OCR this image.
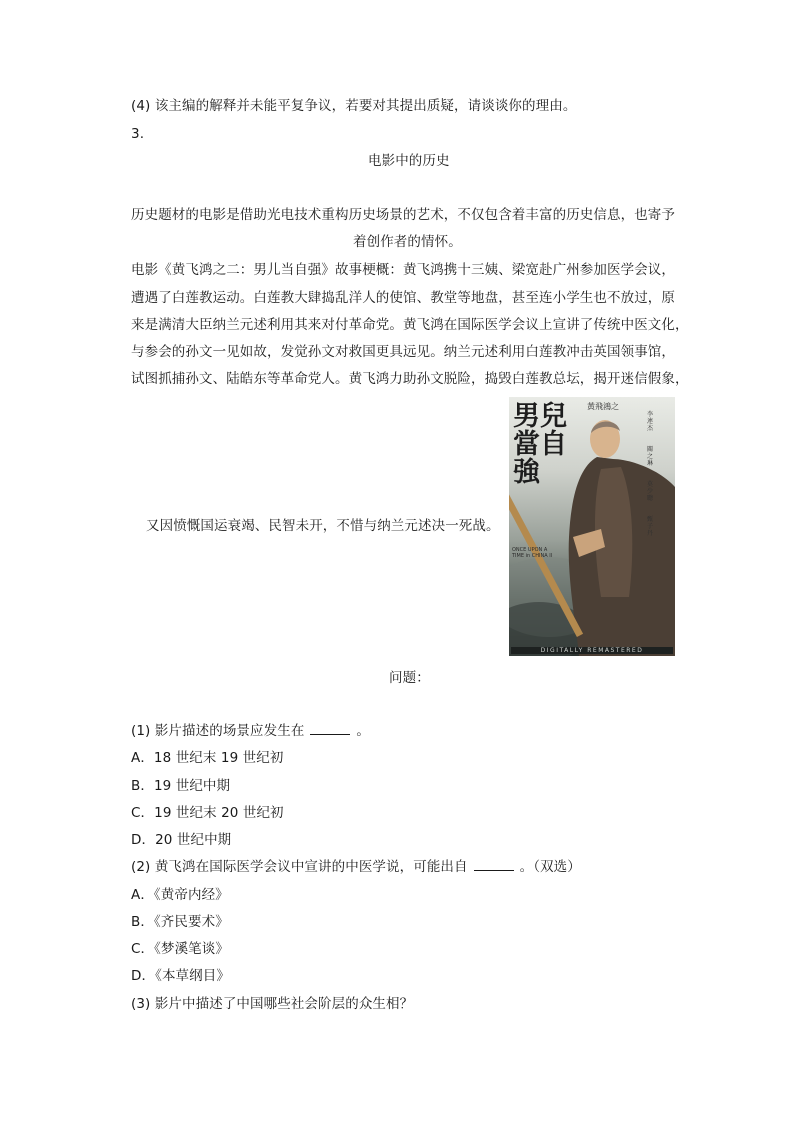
(4) 该主编的解释并未能平复争议，若要对其提出质疑，请谈谈你的理由。
3.
电影中的历史
历史题材的电影是借助光电技术重构历史场景的艺术，不仅包含着丰富的历史信息，也寄予
着创作者的情怀。
电影《黄飞鸿之二：男儿当自强》故事梗概：黄飞鸿携十三姨、梁宽赴广州参加医学会议，
遭遇了白莲教运动。白莲教大肆捣乱洋人的使馆、教堂等地盘，甚至连小学生也不放过，原
来是满清大臣纳兰元述利用其来对付革命党。黄飞鸿在国际医学会议上宣讲了传统中医文化，
与参会的孙文一见如故，发觉孙文对救国更具远见。纳兰元述利用白莲教冲击英国领事馆，
试图抓捕孙文、陆皓东等革命党人。黄飞鸿力助孙文脱险，捣毁白莲教总坛，揭开迷信假象，
又因愤慨国运衰竭、民智未开，不惜与纳兰元述决一死战。
男兒當自強
黃飛鴻之
ONCE UPON A TIME in CHINA II
李連杰
關之琳
莫少聰
甄子丹
DIGITALLY REMASTERED
问题：
(1) 影片描述的场景应发生在	。
A．18 世纪末 19 世纪初
B．19 世纪中期
C．19 世纪末 20 世纪初
D．20 世纪中期
(2) 黄飞鸿在国际医学会议中宣讲的中医学说，可能出自	。（双选）
A．《黄帝内经》
B．《齐民要术》
C．《梦溪笔谈》
D．《本草纲目》
(3) 影片中描述了中国哪些社会阶层的众生相？
